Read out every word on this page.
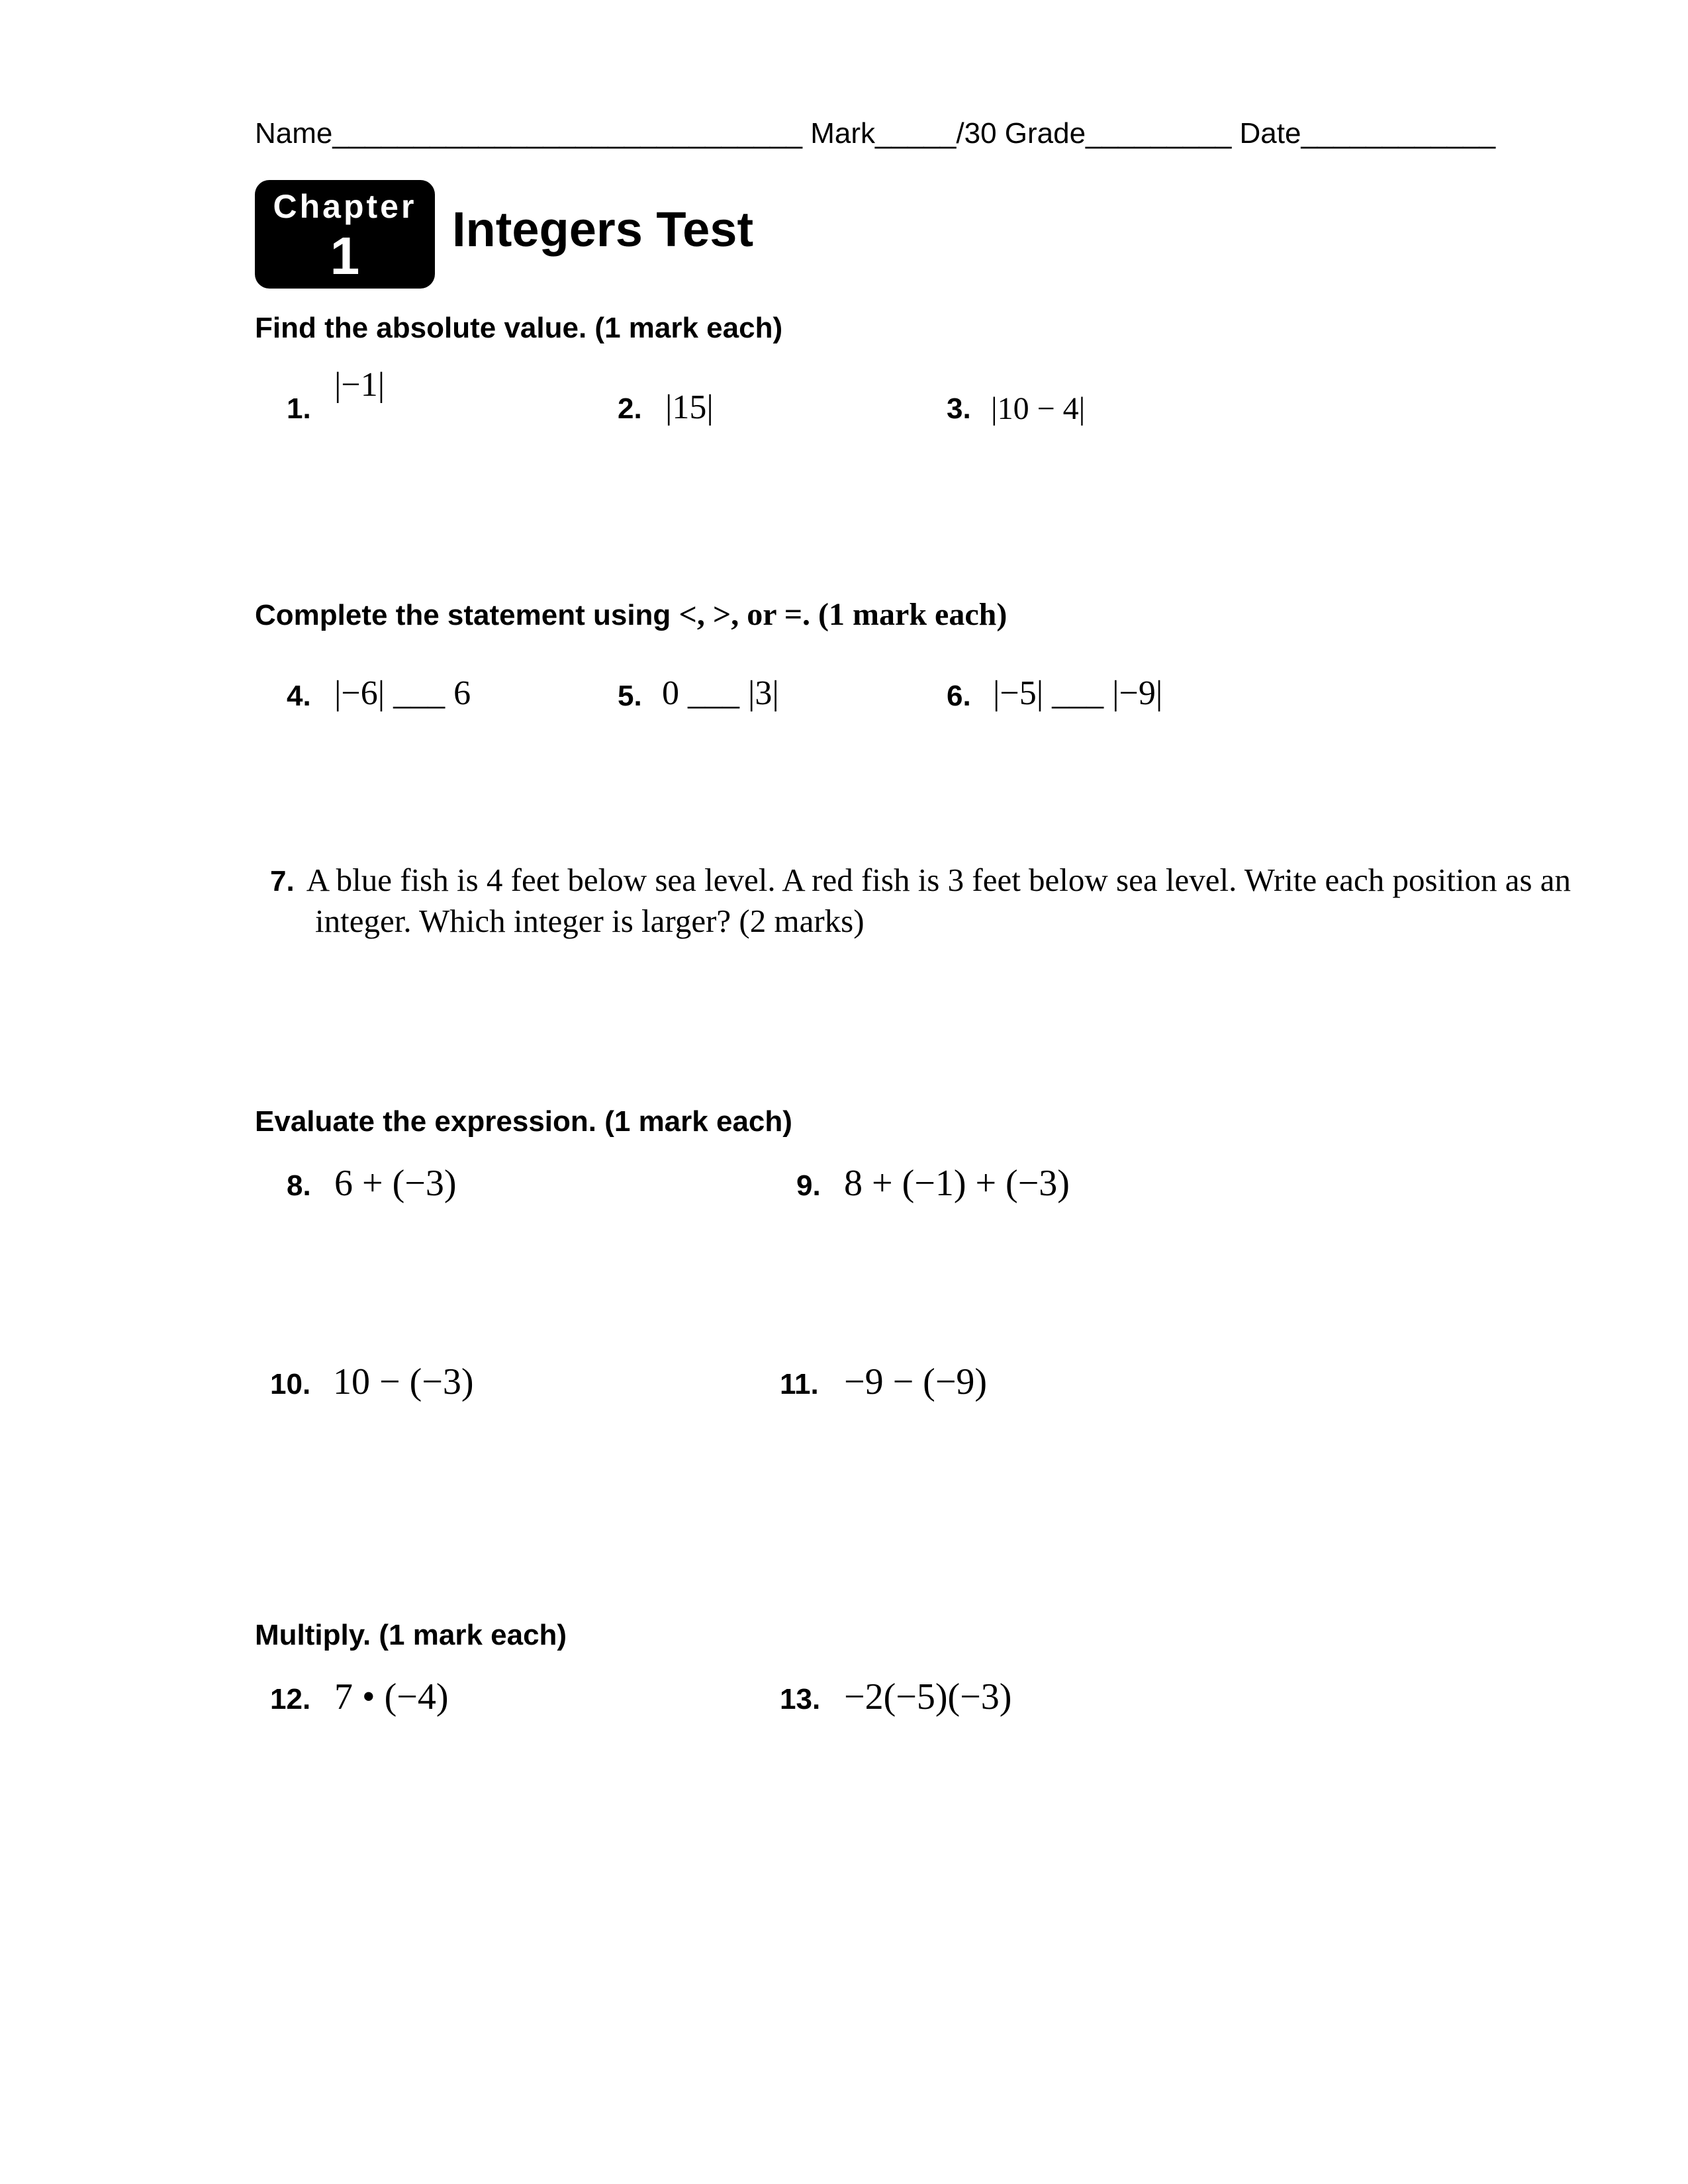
Name_____________________________ Mark_____/30 Grade_________ Date____________
Chapter
1	Integers Test
Find the absolute value. (1 mark each)
1.
|−1|
2. |15|	3. |10 − 4|
Complete the statement using <, >, or =. (1 mark each)
4. |−6| ___ 6	5. 0 ___ |3|	6. |−5| ___ |−9|
7. A blue fish is 4 feet below sea level. A red fish is 3 feet below sea level. Write each position as an integer. Which integer is larger? (2 marks)
Evaluate the expression. (1 mark each)
8. 6 + (−3)	9. 8 + (−1) + (−3)
10. 10 − (−3)	11. −9 − (−9)
Multiply. (1 mark each)
12. 7 • (−4)	13. −2(−5)(−3)
